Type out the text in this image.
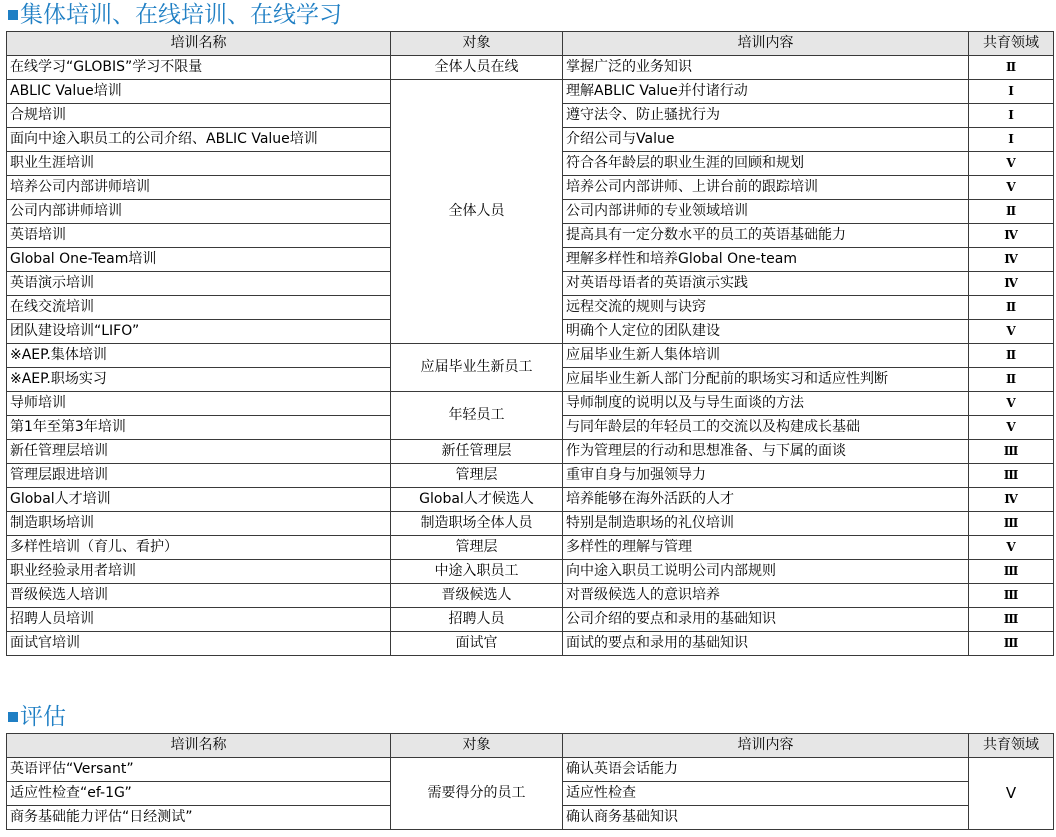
集体培训、在线培训、在线学习
培训名称	对象	培训内容	共育领域
在线学习“GLOBIS”学习不限量	全体人员在线	掌握广泛的业务知识	Ⅱ
ABLIC Value培训	全体人员	理解ABLIC Value并付诸行动	Ⅰ
合规培训		遵守法令、防止骚扰行为	Ⅰ
面向中途入职员工的公司介绍、ABLIC Value培训		介绍公司与Value	Ⅰ
职业生涯培训		符合各年龄层的职业生涯的回顾和规划	Ⅴ
培养公司内部讲师培训		培养公司内部讲师、上讲台前的跟踪培训	Ⅴ
公司内部讲师培训		公司内部讲师的专业领域培训	Ⅱ
英语培训		提高具有一定分数水平的员工的英语基础能力	Ⅳ
Global One-Team培训		理解多样性和培养Global One-team	Ⅳ
英语演示培训		对英语母语者的英语演示实践	Ⅳ
在线交流培训		远程交流的规则与诀窍	Ⅱ
团队建设培训“LIFO”		明确个人定位的团队建设	Ⅴ
※AEP.集体培训	应届毕业生新员工	应届毕业生新人集体培训	Ⅱ
※AEP.职场实习		应届毕业生新人部门分配前的职场实习和适应性判断	Ⅱ
导师培训	年轻员工	导师制度的说明以及与导生面谈的方法	Ⅴ
第1年至第3年培训		与同年龄层的年轻员工的交流以及构建成长基础	Ⅴ
新任管理层培训	新任管理层	作为管理层的行动和思想准备、与下属的面谈	Ⅲ
管理层跟进培训	管理层	重审自身与加强领导力	Ⅲ
Global人才培训	Global人才候选人	培养能够在海外活跃的人才	Ⅳ
制造职场培训	制造职场全体人员	特别是制造职场的礼仪培训	Ⅲ
多样性培训（育儿、看护）	管理层	多样性的理解与管理	Ⅴ
职业经验录用者培训	中途入职员工	向中途入职员工说明公司内部规则	Ⅲ
晋级候选人培训	晋级候选人	对晋级候选人的意识培养	Ⅲ
招聘人员培训	招聘人员	公司介绍的要点和录用的基础知识	Ⅲ
面试官培训	面试官	面试的要点和录用的基础知识	Ⅲ
评估
培训名称	对象	培训内容	共育领域
英语评估“Versant”	需要得分的员工	确认英语会话能力	Ⅴ
适应性检查“ef-1G”		适应性检查	
商务基础能力评估“日经测试”		确认商务基础知识	
